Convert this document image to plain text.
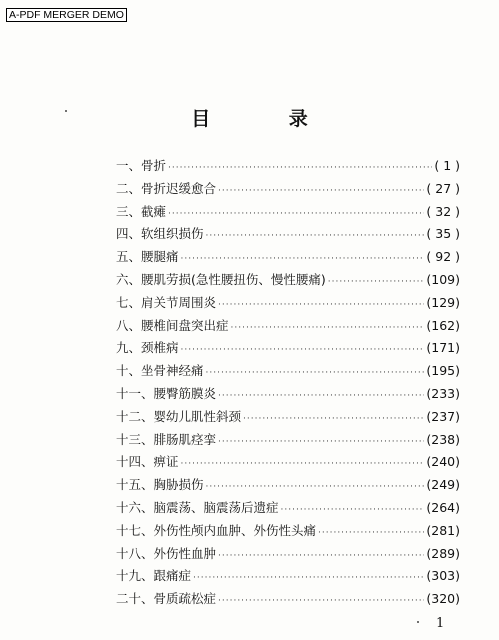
A-PDF MERGER DEMO
目 录
一、骨折 ·····	( 1 )
二、骨折迟缓愈合 ·····	( 27 )
三、截瘫 ·····	( 32 )
四、软组织损伤 ·····	( 35 )
五、腰腿痛 ·····	( 92 )
六、腰肌劳损(急性腰扭伤、慢性腰痛) ·····	(109)
七、肩关节周围炎 ·····	(129)
八、腰椎间盘突出症 ·····	(162)
九、颈椎病 ·····	(171)
十、坐骨神经痛 ·····	(195)
十一、腰臀筋膜炎 ·····	(233)
十二、婴幼儿肌性斜颈 ·····	(237)
十三、腓肠肌痉挛 ·····	(238)
十四、痹证 ·····	(240)
十五、胸胁损伤 ·····	(249)
十六、脑震荡、脑震荡后遗症 ·····	(264)
十七、外伤性颅内血肿、外伤性头痛 ·····	(281)
十八、外伤性血肿 ·····	(289)
十九、跟痛症 ·····	(303)
二十、骨质疏松症 ·····	(320)
1
